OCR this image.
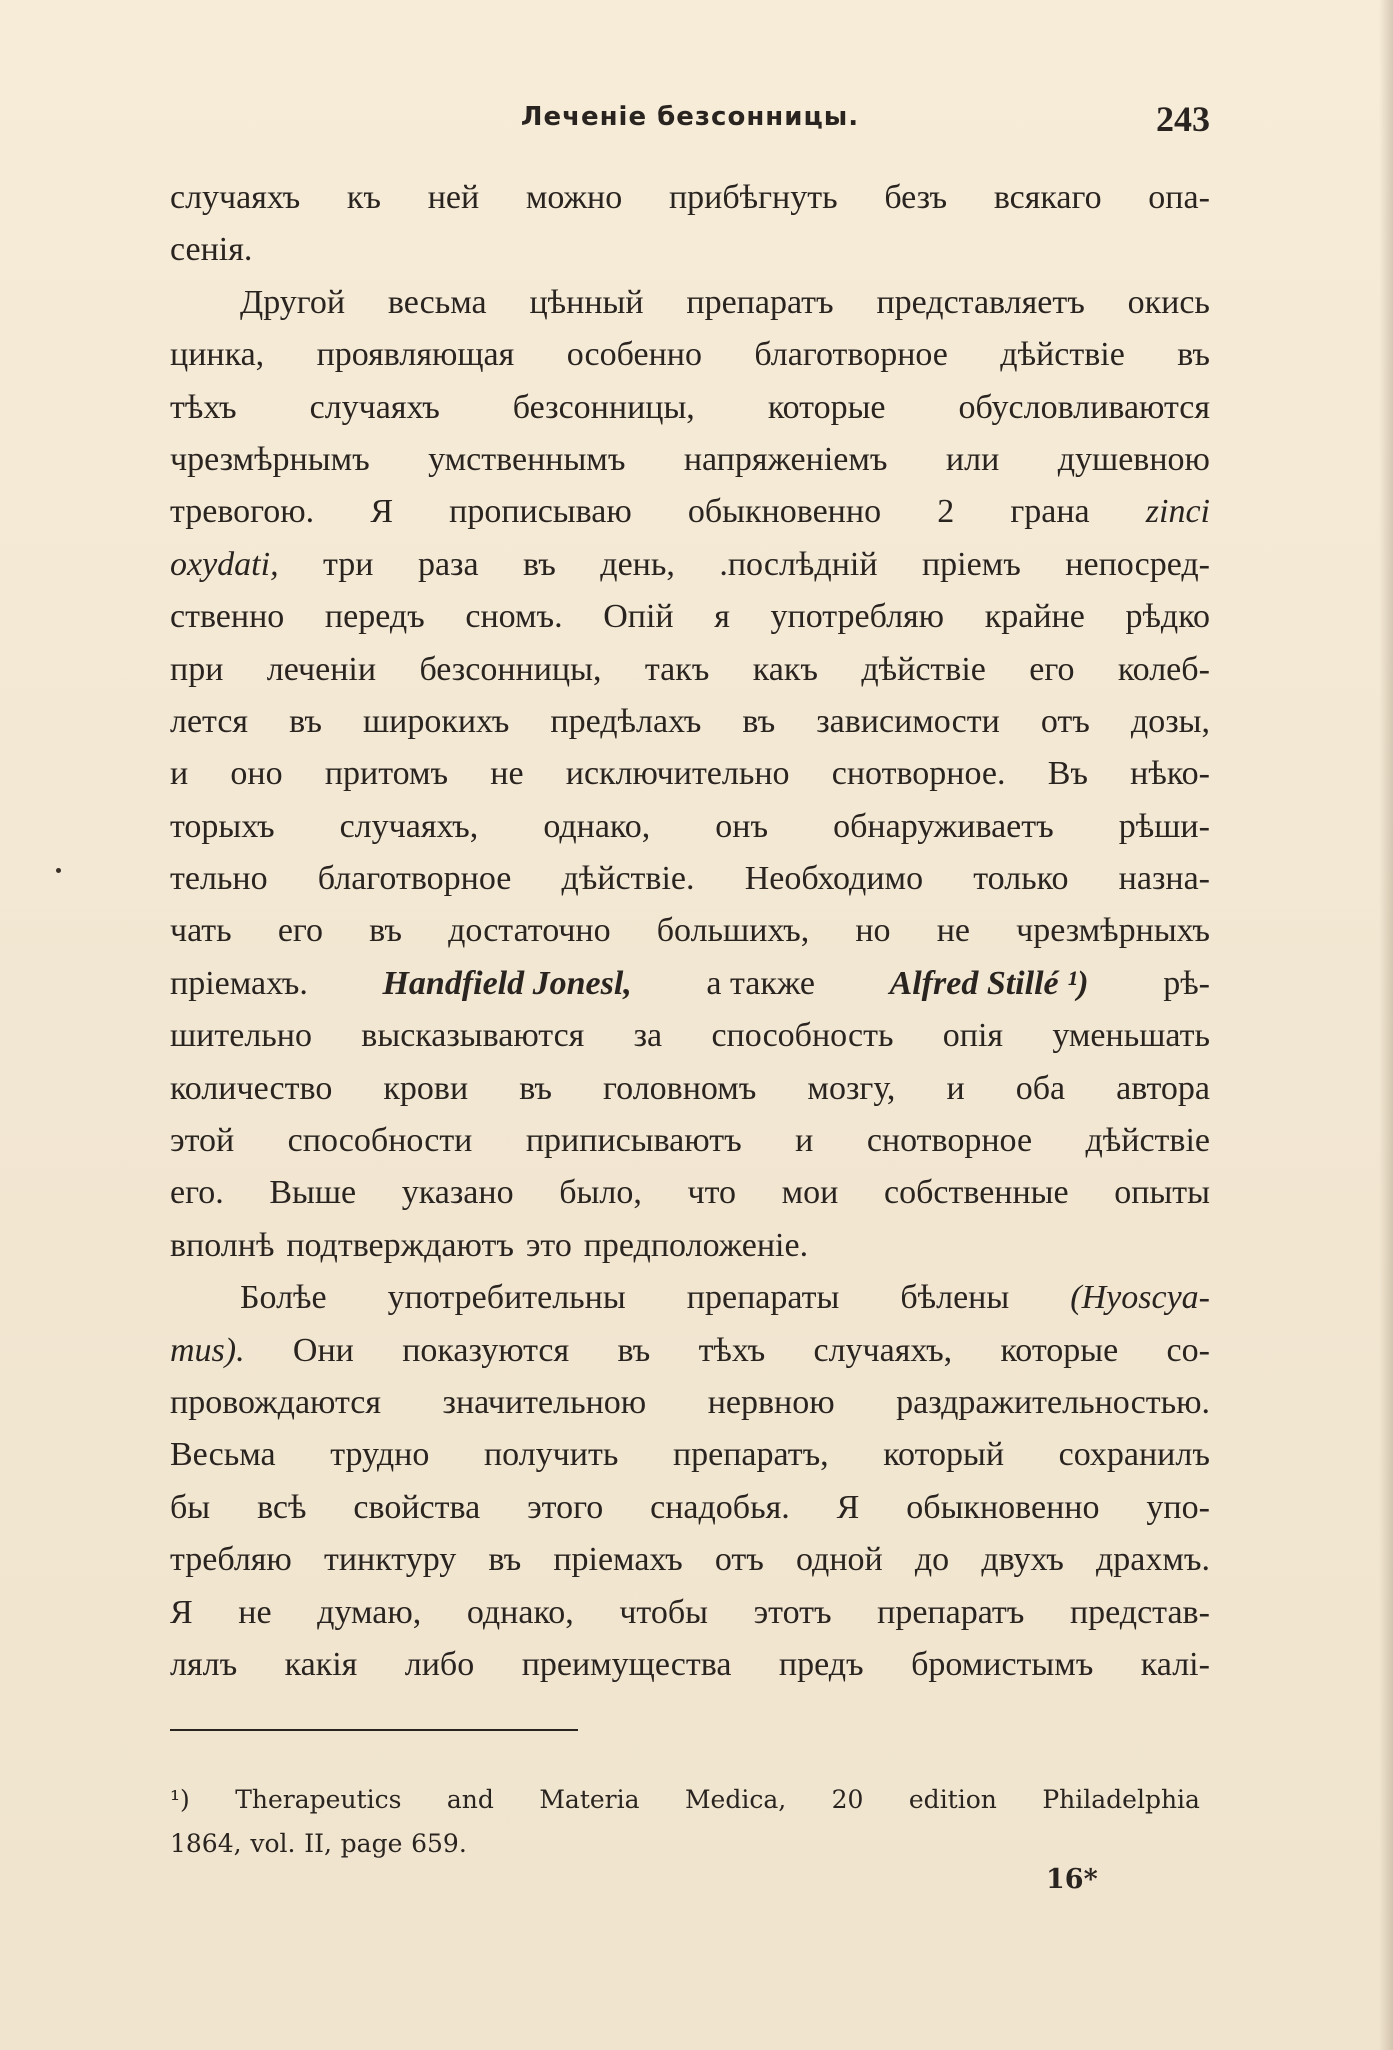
Леченіе безсонницы.	243
случаяхъ къ ней можно прибѣгнуть безъ всякаго опа-
сенія.
Другой весьма цѣнный препаратъ представляетъ окись
цинка, проявляющая особенно благотворное дѣйствіе въ
тѣхъ случаяхъ безсонницы, которые обусловливаются
чрезмѣрнымъ умственнымъ напряженіемъ или душевною
тревогою. Я прописываю обыкновенно 2 грана zinci
oxydati, три раза въ день, .послѣдній пріемъ непосред-
ственно передъ сномъ. Опій я употребляю крайне рѣдко
при леченіи безсонницы, такъ какъ дѣйствіе его колеб-
лется въ широкихъ предѣлахъ въ зависимости отъ дозы,
и оно притомъ не исключительно снотворное. Въ нѣко-
торыхъ случаяхъ, однако, онъ обнаруживаетъ рѣши-
тельно благотворное дѣйствіе. Необходимо только назна-
чать его въ достаточно большихъ, но не чрезмѣрныхъ
пріемахъ. Handfield Jonesl, а также Alfred Stillé ¹) рѣ-
шительно высказываются за способность опія уменьшать
количество крови въ головномъ мозгу, и оба автора
этой способности приписываютъ и снотворное дѣйствіе
его. Выше указано было, что мои собственные опыты
вполнѣ подтверждаютъ это предположеніе.
Болѣе употребительны препараты бѣлены (Hyoscya-
mus). Они показуются въ тѣхъ случаяхъ, которые со-
провождаются значительною нервною раздражительностью.
Весьма трудно получить препаратъ, который сохранилъ
бы всѣ свойства этого снадобья. Я обыкновенно упо-
требляю тинктуру въ пріемахъ отъ одной до двухъ драхмъ.
Я не думаю, однако, чтобы этотъ препаратъ представ-
лялъ какія либо преимущества предъ бромистымъ калі-
¹) Therapeutics and Materia Medica, 20 edition Philadelphia
1864, vol. II, page 659.
16*
